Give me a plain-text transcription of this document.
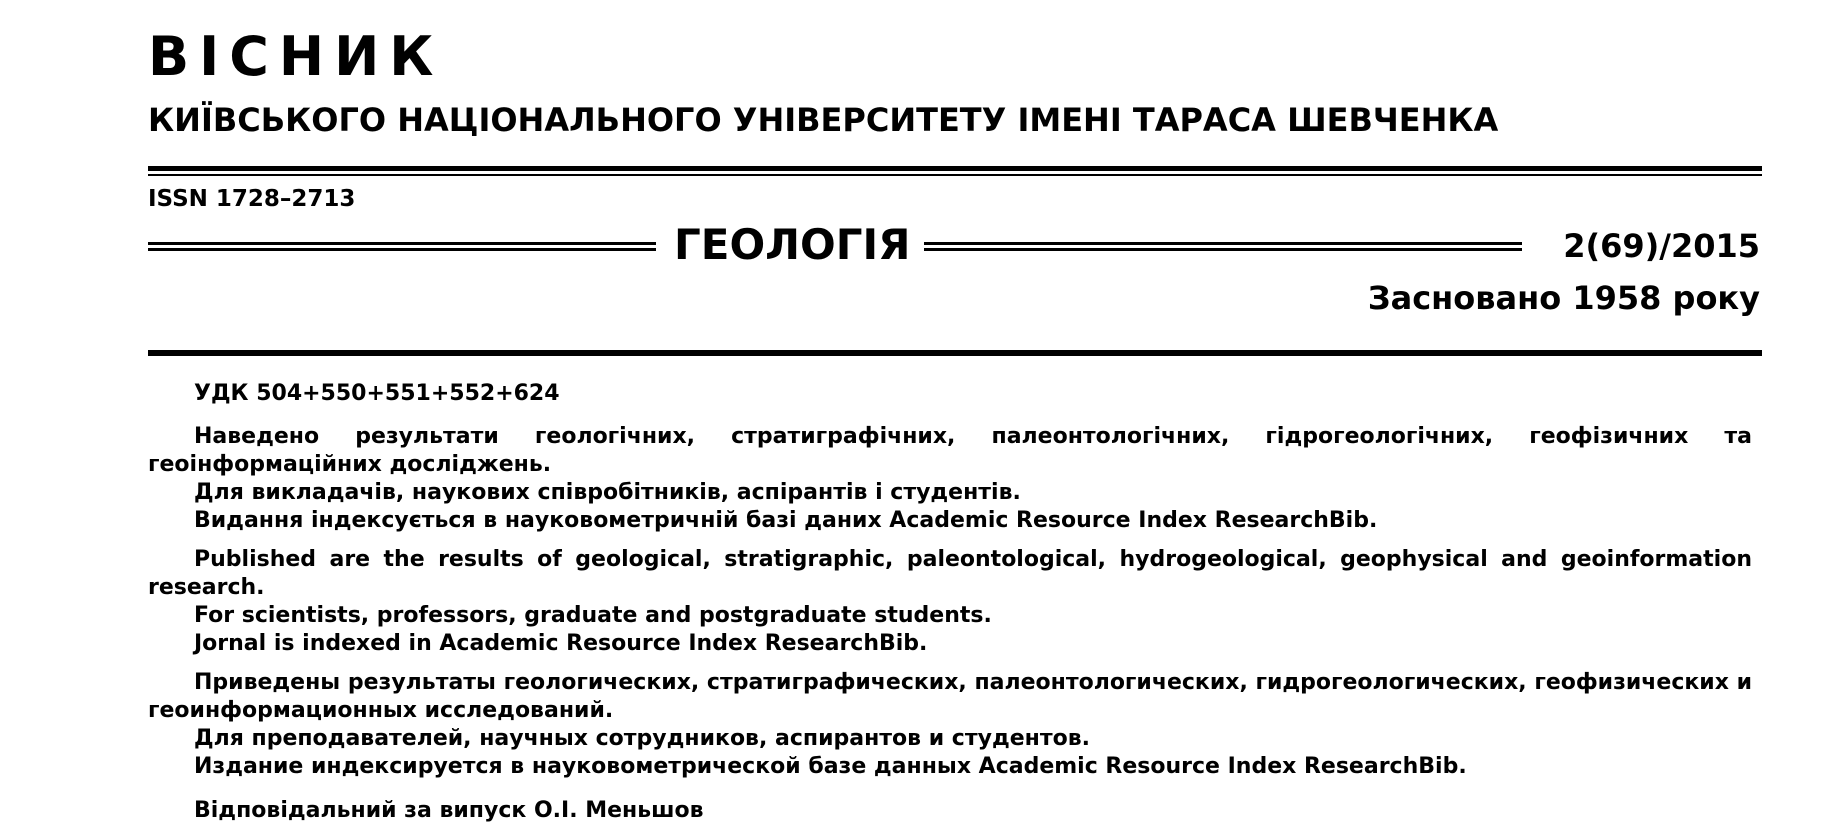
ВІСНИК
КИЇВСЬКОГО НАЦІОНАЛЬНОГО УНІВЕРСИТЕТУ ІМЕНІ ТАРАСА ШЕВЧЕНКА
ISSN 1728–2713
ГЕОЛОГІЯ	2(69)/2015
Засновано 1958 року

УДК 504+550+551+552+624

Наведено результати геологічних, стратиграфічних, палеонтологічних, гідрогеологічних, геофізичних та геоінформаційних досліджень.

Для викладачів, наукових співробітників, аспірантів і студентів.

Видання індексується в науковометричній базі даних Academic Resource Index ResearchBib.

Published are the results of geological, stratigraphic, paleontological, hydrogeological, geophysical and geoinformation research.

For scientists, professors, graduate and postgraduate students.

Jornal is indexed in Academic Resource Index ResearchBib.

Приведены результаты геологических, стратиграфических, палеонтологических, гидрогеологических, геофизических и геоинформационных исследований.

Для преподавателей, научных сотрудников, аспирантов и студентов.

Издание индексируется в науковометрической базе данных Academic Resource Index ResearchBib.

Відповідальний за випуск О.І. Меньшов
